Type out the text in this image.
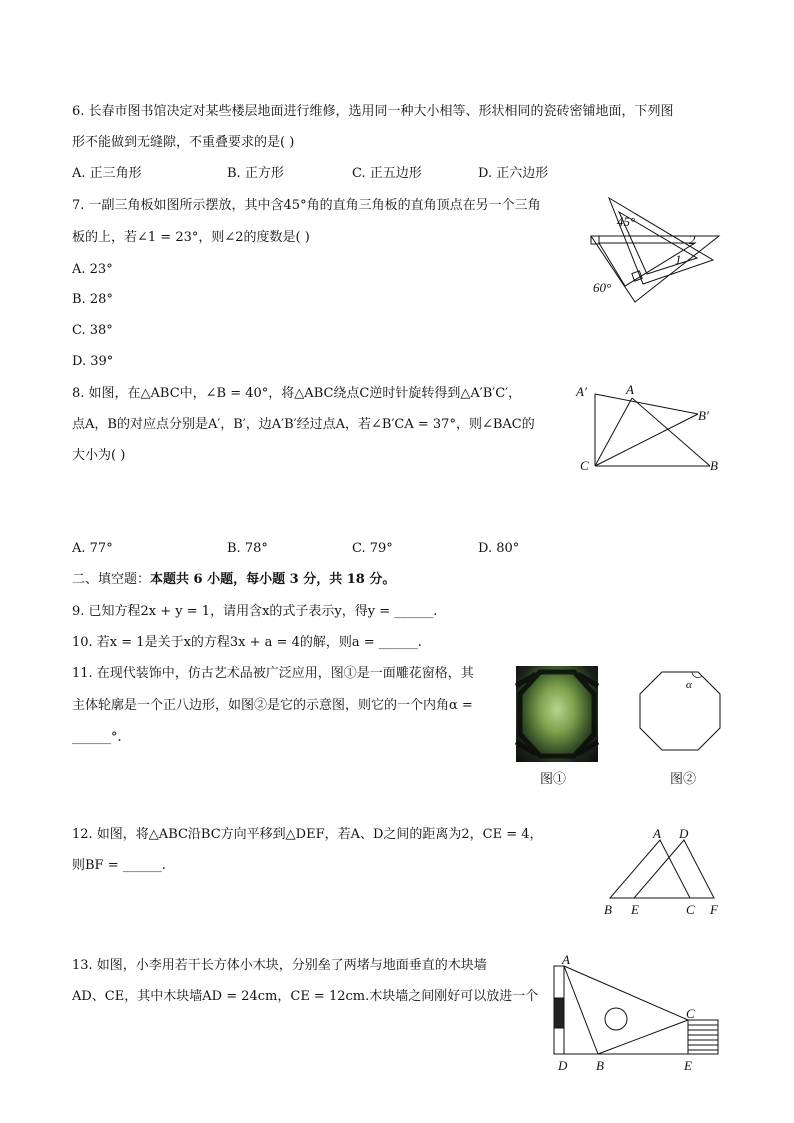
6. 长春市图书馆决定对某些楼层地面进行维修，选用同一种大小相等、形状相同的瓷砖密铺地面，下列图
形不能做到无缝隙，不重叠要求的是( )
A. 正三角形	B. 正方形	C. 正五边形	D. 正六边形
7. 一副三角板如图所示摆放，其中含45°角的直角三角板的直角顶点在另一个三角
板的上，若∠1 = 23°，则∠2的度数是( )
A. 23°
B. 28°
C. 38°
D. 39°
45°
60°
2
1
8. 如图，在△ABC中，∠B = 40°，将△ABC绕点C逆时针旋转得到△A′B′C′，
点A，B的对应点分别是A′，B′，边A′B′经过点A，若∠B′CA = 37°，则∠BAC的
大小为( )
A′	A
B′
C	B
A. 77°	B. 78°	C. 79°	D. 80°
二、填空题：本题共 6 小题，每小题 3 分，共 18 分。
9. 已知方程2x + y = 1，请用含x的式子表示y，得y = ______.
10. 若x = 1是关于x的方程3x + a = 4的解，则a = ______.
11. 在现代装饰中，仿古艺术品被广泛应用，图①是一面雕花窗格，其
主体轮廓是一个正八边形，如图②是它的示意图，则它的一个内角α =
______°.
图①
α
图②
12. 如图，将△ABC沿BC方向平移到△DEF，若A、D之间的距离为2，CE = 4，
则BF = ______.
A D
B E	C F
13. 如图，小李用若干长方体小木块，分别垒了两堵与地面垂直的木块墙
AD、CE，其中木块墙AD = 24cm，CE = 12cm.木块墙之间刚好可以放进一个
A
C
D B	E
